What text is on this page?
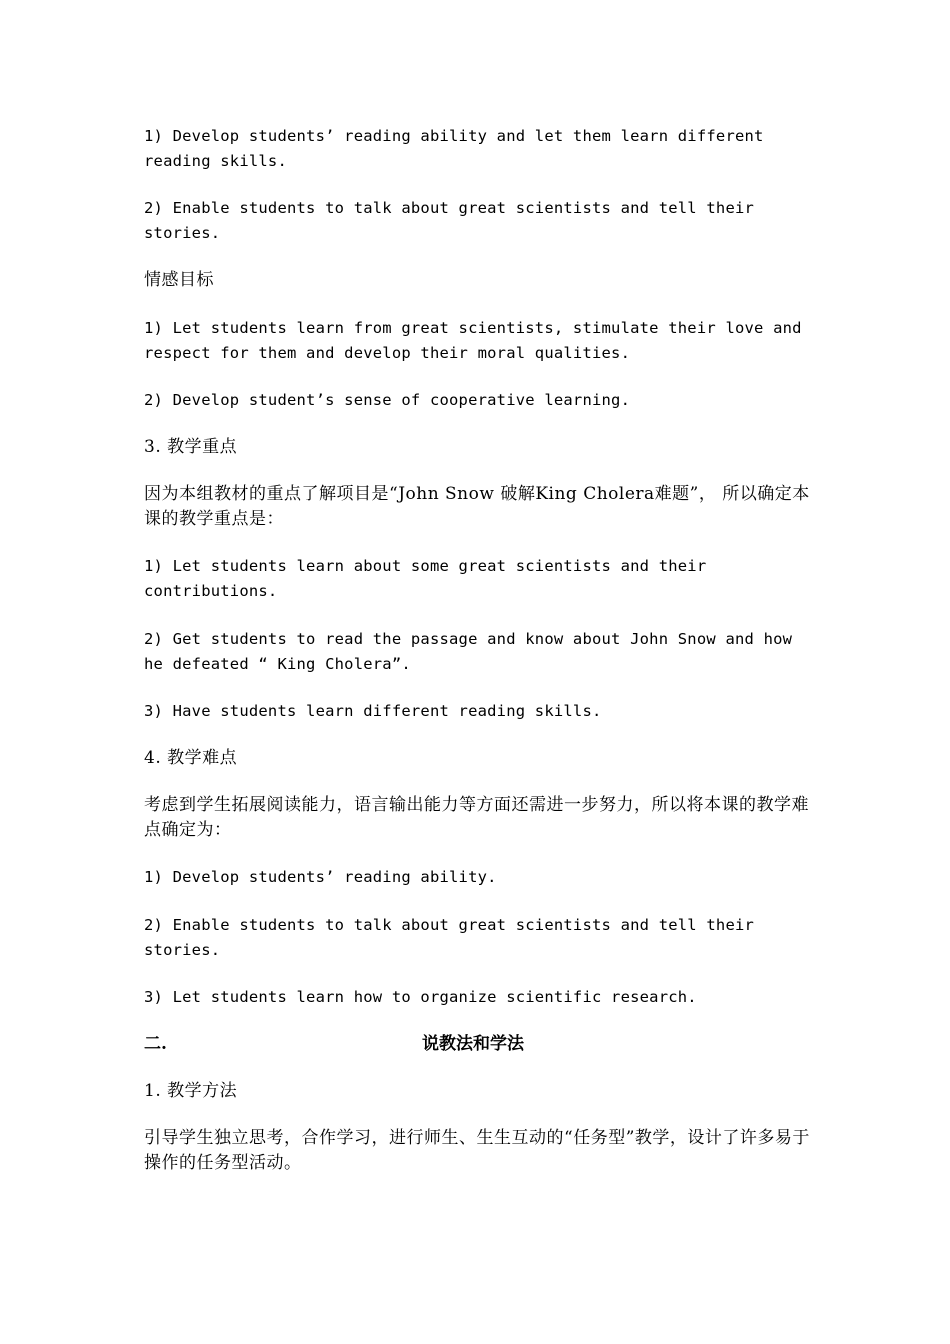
1) Develop students’ reading ability and let them learn different reading skills.

2) Enable students to talk about great scientists and tell their stories.

情感目标

1) Let students learn from great scientists, stimulate their love and respect for them and develop their moral qualities.

2) Develop student’s sense of cooperative learning.

3. 教学重点

因为本组教材的重点了解项目是“John Snow 破解King Cholera难题”， 所以确定本课的教学重点是：

1) Let students learn about some great scientists and their contributions.

2) Get students to read the passage and know about John Snow and how he defeated “ King Cholera”.

3) Have students learn different reading skills.

4. 教学难点

考虑到学生拓展阅读能力，语言输出能力等方面还需进一步努力，所以将本课的教学难点确定为：

1) Develop students’ reading ability.

2) Enable students to talk about great scientists and tell their stories.

3) Let students learn how to organize scientific research.

二.	说教法和学法

1. 教学方法

引导学生独立思考，合作学习，进行师生、生生互动的“任务型”教学，设计了许多易于操作的任务型活动。
